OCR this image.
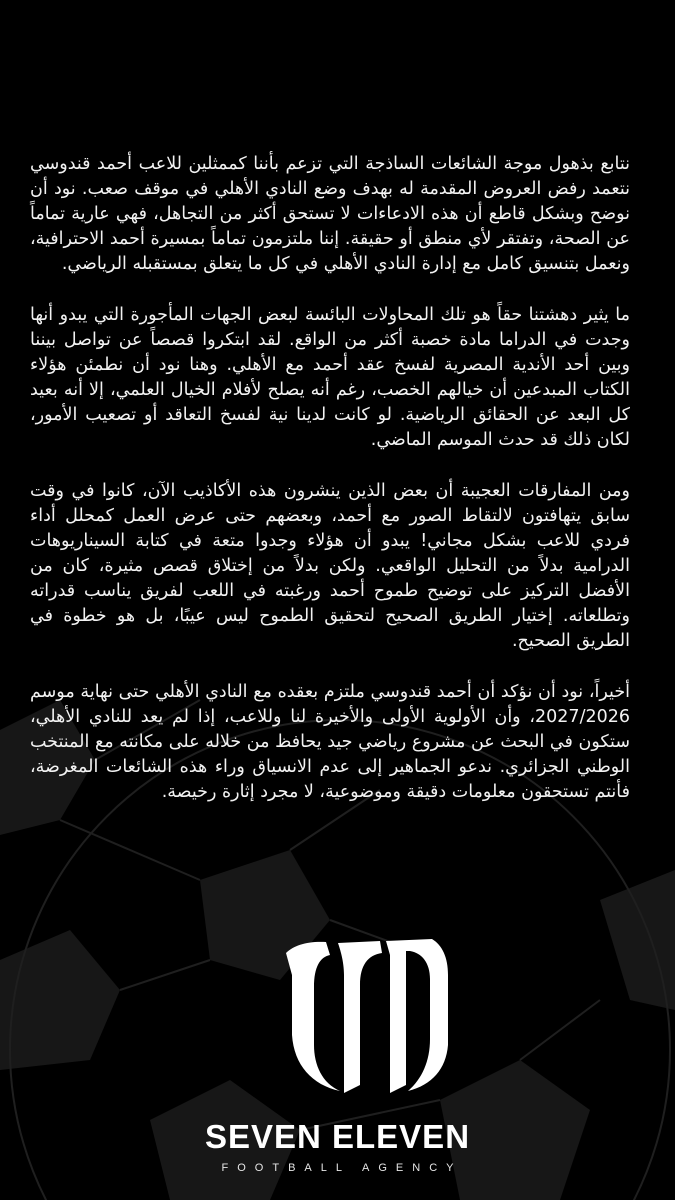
نتابع بذهول موجة الشائعات الساذجة التي تزعم بأننا كممثلين للاعب أحمد قندوسي نتعمد رفض العروض المقدمة له بهدف وضع النادي الأهلي في موقف صعب. نود أن نوضح وبشكل قاطع أن هذه الادعاءات لا تستحق أكثر من التجاهل، فهي عارية تماماً عن الصحة، وتفتقر لأي منطق أو حقيقة. إننا ملتزمون تماماً بمسيرة أحمد الاحترافية، ونعمل بتنسيق كامل مع إدارة النادي الأهلي في كل ما يتعلق بمستقبله الرياضي.

ما يثير دهشتنا حقاً هو تلك المحاولات البائسة لبعض الجهات المأجورة التي يبدو أنها وجدت في الدراما مادة خصبة أكثر من الواقع. لقد ابتكروا قصصاً عن تواصل بيننا وبين أحد الأندية المصرية لفسخ عقد أحمد مع الأهلي. وهنا نود أن نطمئن هؤلاء الكتاب المبدعين أن خيالهم الخصب، رغم أنه يصلح لأفلام الخيال العلمي، إلا أنه بعيد كل البعد عن الحقائق الرياضية. لو كانت لدينا نية لفسخ التعاقد أو تصعيب الأمور، لكان ذلك قد حدث الموسم الماضي.

ومن المفارقات العجيبة أن بعض الذين ينشرون هذه الأكاذيب الآن، كانوا في وقت سابق يتهافتون لالتقاط الصور مع أحمد، وبعضهم حتى عرض العمل كمحلل أداء فردي للاعب بشكل مجاني! يبدو أن هؤلاء وجدوا متعة في كتابة السيناريوهات الدرامية بدلاً من التحليل الواقعي. ولكن بدلاً من إختلاق قصص مثيرة، كان من الأفضل التركيز على توضيح طموح أحمد ورغبته في اللعب لفريق يناسب قدراته وتطلعاته. إختيار الطريق الصحيح لتحقيق الطموح ليس عيبًا، بل هو خطوة في الطريق الصحيح.

أخيراً، نود أن نؤكد أن أحمد قندوسي ملتزم بعقده مع النادي الأهلي حتى نهاية موسم 2027/2026، وأن الأولوية الأولى والأخيرة لنا وللاعب، إذا لم يعد للنادي الأهلي، ستكون في البحث عن مشروع رياضي جيد يحافظ من خلاله على مكانته مع المنتخب الوطني الجزائري. ندعو الجماهير إلى عدم الانسياق وراء هذه الشائعات المغرضة، فأنتم تستحقون معلومات دقيقة وموضوعية، لا مجرد إثارة رخيصة.

SEVEN ELEVEN
FOOTBALL AGENCY
